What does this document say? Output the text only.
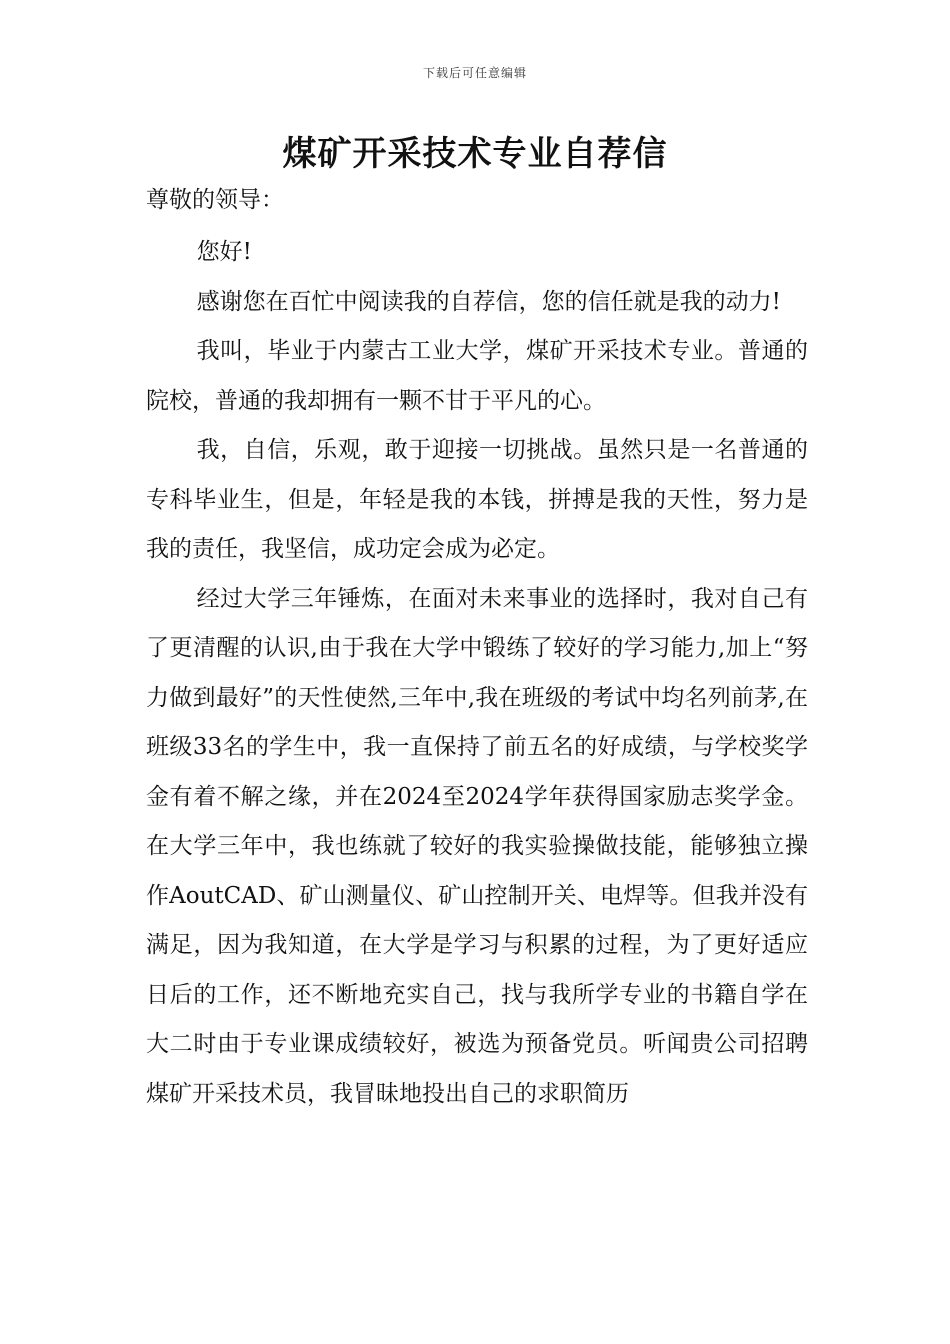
下载后可任意编辑
煤矿开采技术专业自荐信

尊敬的领导：

您好!

感谢您在百忙中阅读我的自荐信，您的信任就是我的动力!

我叫，毕业于内蒙古工业大学，煤矿开采技术专业。普通的院校，普通的我却拥有一颗不甘于平凡的心。

我，自信，乐观，敢于迎接一切挑战。虽然只是一名普通的专科毕业生，但是，年轻是我的本钱，拼搏是我的天性，努力是我的责任，我坚信，成功定会成为必定。

经过大学三年锤炼，在面对未来事业的选择时，我对自己有了更清醒的认识,由于我在大学中锻练了较好的学习能力,加上“努力做到最好”的天性使然,三年中,我在班级的考试中均名列前茅,在班级33名的学生中，我一直保持了前五名的好成绩，与学校奖学金有着不解之缘，并在2024至2024学年获得国家励志奖学金。在大学三年中，我也练就了较好的我实验操做技能，能够独立操作AoutCAD、矿山测量仪、矿山控制开关、电焊等。但我并没有满足，因为我知道，在大学是学习与积累的过程，为了更好适应日后的工作，还不断地充实自己，找与我所学专业的书籍自学在大二时由于专业课成绩较好，被选为预备党员。听闻贵公司招聘煤矿开采技术员，我冒昧地投出自己的求职简历
